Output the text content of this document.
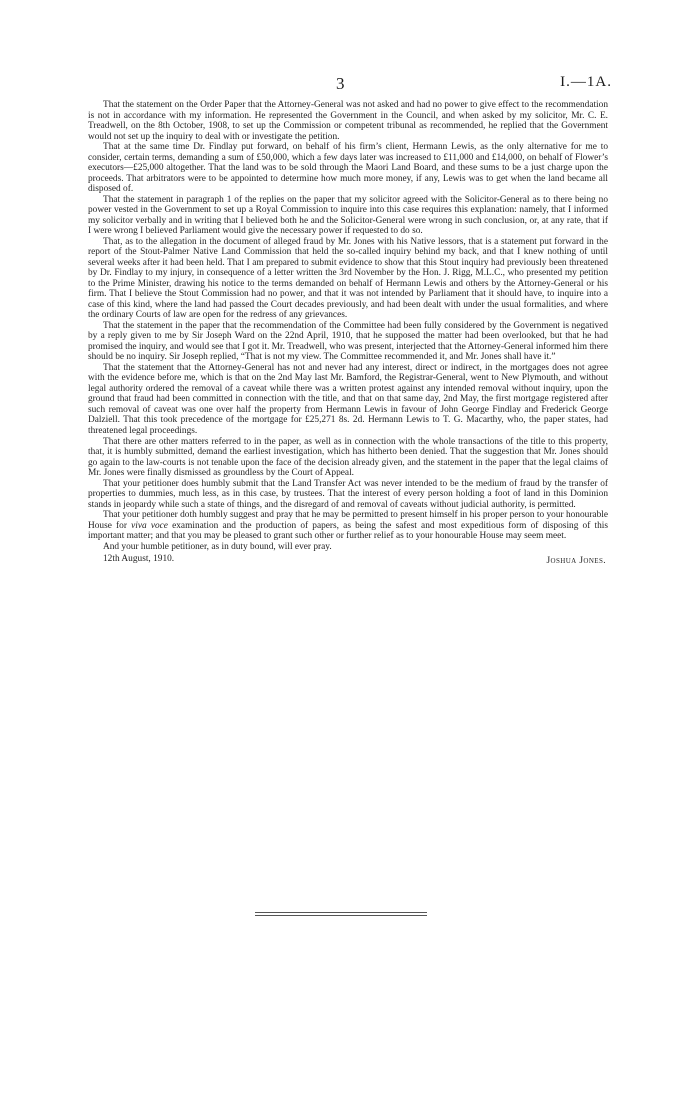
3	I.—1A.

That the statement on the Order Paper that the Attorney-General was not asked and had no power to give effect to the recommendation is not in accordance with my information. He represented the Government in the Council, and when asked by my solicitor, Mr. C. E. Treadwell, on the 8th October, 1908, to set up the Commission or competent tribunal as recommended, he replied that the Government would not set up the inquiry to deal with or investigate the petition.

That at the same time Dr. Findlay put forward, on behalf of his firm’s client, Hermann Lewis, as the only alternative for me to consider, certain terms, demanding a sum of £50,000, which a few days later was increased to £11,000 and £14,000, on behalf of Flower’s executors—£25,000 altogether. That the land was to be sold through the Maori Land Board, and these sums to be a just charge upon the proceeds. That arbitrators were to be appointed to determine how much more money, if any, Lewis was to get when the land became all disposed of.

That the statement in paragraph 1 of the replies on the paper that my solicitor agreed with the Solicitor-General as to there being no power vested in the Government to set up a Royal Commission to inquire into this case requires this explanation: namely, that I informed my solicitor verbally and in writing that I believed both he and the Solicitor-General were wrong in such conclusion, or, at any rate, that if I were wrong I believed Parliament would give the necessary power if requested to do so.

That, as to the allegation in the document of alleged fraud by Mr. Jones with his Native lessors, that is a statement put forward in the report of the Stout-Palmer Native Land Commission that held the so-called inquiry behind my back, and that I knew nothing of until several weeks after it had been held. That I am prepared to submit evidence to show that this Stout inquiry had previously been threatened by Dr. Findlay to my injury, in consequence of a letter written the 3rd November by the Hon. J. Rigg, M.L.C., who presented my petition to the Prime Minister, drawing his notice to the terms demanded on behalf of Hermann Lewis and others by the Attorney-General or his firm. That I believe the Stout Commission had no power, and that it was not intended by Parliament that it should have, to inquire into a case of this kind, where the land had passed the Court decades previously, and had been dealt with under the usual formalities, and where the ordinary Courts of law are open for the redress of any grievances.

That the statement in the paper that the recommendation of the Committee had been fully considered by the Government is negatived by a reply given to me by Sir Joseph Ward on the 22nd April, 1910, that he supposed the matter had been overlooked, but that he had promised the inquiry, and would see that I got it. Mr. Treadwell, who was present, interjected that the Attorney-General informed him there should be no inquiry. Sir Joseph replied, “That is not my view. The Committee recommended it, and Mr. Jones shall have it.”

That the statement that the Attorney-General has not and never had any interest, direct or indirect, in the mortgages does not agree with the evidence before me, which is that on the 2nd May last Mr. Bamford, the Registrar-General, went to New Plymouth, and without legal authority ordered the removal of a caveat while there was a written protest against any intended removal without inquiry, upon the ground that fraud had been committed in connection with the title, and that on that same day, 2nd May, the first mortgage registered after such removal of caveat was one over half the property from Hermann Lewis in favour of John George Findlay and Frederick George Dalziell. That this took precedence of the mortgage for £25,271 8s. 2d. Hermann Lewis to T. G. Macarthy, who, the paper states, had threatened legal proceedings.

That there are other matters referred to in the paper, as well as in connection with the whole transactions of the title to this property, that, it is humbly submitted, demand the earliest investigation, which has hitherto been denied. That the suggestion that Mr. Jones should go again to the law-courts is not tenable upon the face of the decision already given, and the statement in the paper that the legal claims of Mr. Jones were finally dismissed as groundless by the Court of Appeal.

That your petitioner does humbly submit that the Land Transfer Act was never intended to be the medium of fraud by the transfer of properties to dummies, much less, as in this case, by trustees. That the interest of every person holding a foot of land in this Dominion stands in jeopardy while such a state of things, and the disregard of and removal of caveats without judicial authority, is permitted.

That your petitioner doth humbly suggest and pray that he may be permitted to present himself in his proper person to your honourable House for viva voce examination and the production of papers, as being the safest and most expeditious form of disposing of this important matter; and that you may be pleased to grant such other or further relief as to your honourable House may seem meet.

And your humble petitioner, as in duty bound, will ever pray.

12th August, 1910.	Joshua Jones.
